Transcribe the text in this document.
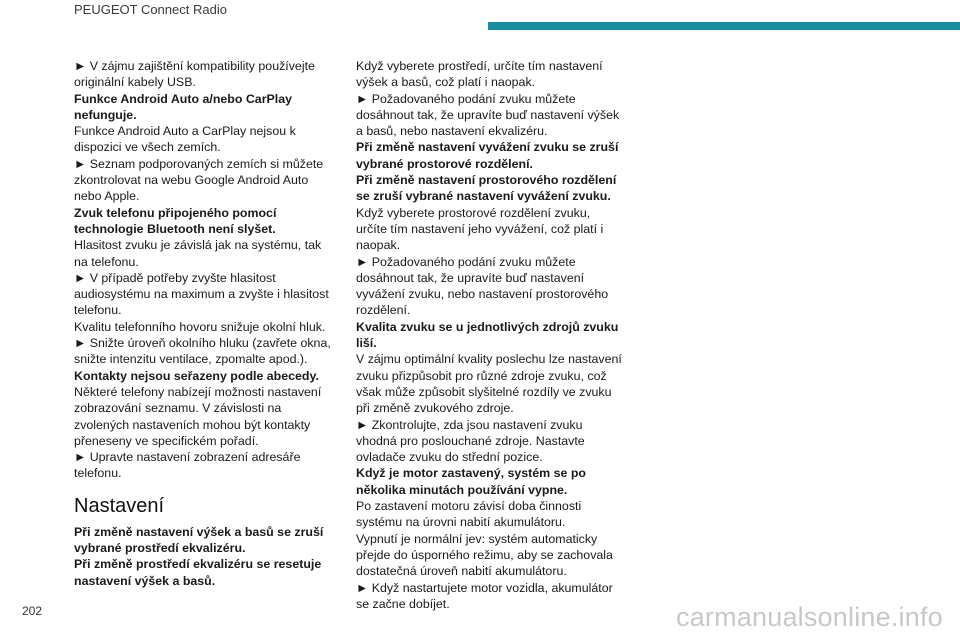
PEUGEOT Connect Radio

► V zájmu zajištění kompatibility používejte originální kabely USB.

Funkce Android Auto a/nebo CarPlay nefunguje.

Funkce Android Auto a CarPlay nejsou k dispozici ve všech zemích.

► Seznam podporovaných zemích si můžete zkontrolovat na webu Google Android Auto nebo Apple.

Zvuk telefonu připojeného pomocí technologie Bluetooth není slyšet.

Hlasitost zvuku je závislá jak na systému, tak na telefonu.

► V případě potřeby zvyšte hlasitost audiosystému na maximum a zvyšte i hlasitost telefonu.

Kvalitu telefonního hovoru snižuje okolní hluk.

► Snižte úroveň okolního hluku (zavřete okna, snižte intenzitu ventilace, zpomalte apod.).

Kontakty nejsou seřazeny podle abecedy.

Některé telefony nabízejí možnosti nastavení zobrazování seznamu. V závislosti na zvolených nastaveních mohou být kontakty přeneseny ve specifickém pořadí.

► Upravte nastavení zobrazení adresáře telefonu.

Nastavení

Při změně nastavení výšek a basů se zruší vybrané prostředí ekvalizéru.

Při změně prostředí ekvalizéru se resetuje nastavení výšek a basů.

Když vyberete prostředí, určíte tím nastavení výšek a basů, což platí i naopak.

► Požadovaného podání zvuku můžete dosáhnout tak, že upravíte buď nastavení výšek a basů, nebo nastavení ekvalizéru.

Při změně nastavení vyvážení zvuku se zruší vybrané prostorové rozdělení.

Při změně nastavení prostorového rozdělení se zruší vybrané nastavení vyvážení zvuku.

Když vyberete prostorové rozdělení zvuku, určíte tím nastavení jeho vyvážení, což platí i naopak.

► Požadovaného podání zvuku můžete dosáhnout tak, že upravíte buď nastavení vyvážení zvuku, nebo nastavení prostorového rozdělení.

Kvalita zvuku se u jednotlivých zdrojů zvuku liší.

V zájmu optimální kvality poslechu lze nastavení zvuku přizpůsobit pro různé zdroje zvuku, což však může způsobit slyšitelné rozdíly ve zvuku při změně zvukového zdroje.

► Zkontrolujte, zda jsou nastavení zvuku vhodná pro poslouchané zdroje. Nastavte ovladače zvuku do střední pozice.

Když je motor zastavený, systém se po několika minutách používání vypne.

Po zastavení motoru závisí doba činnosti systému na úrovni nabití akumulátoru.

Vypnutí je normální jev: systém automaticky přejde do úsporného režimu, aby se zachovala dostatečná úroveň nabití akumulátoru.

► Když nastartujete motor vozidla, akumulátor se začne dobíjet.

202	carmanualsonline.info
